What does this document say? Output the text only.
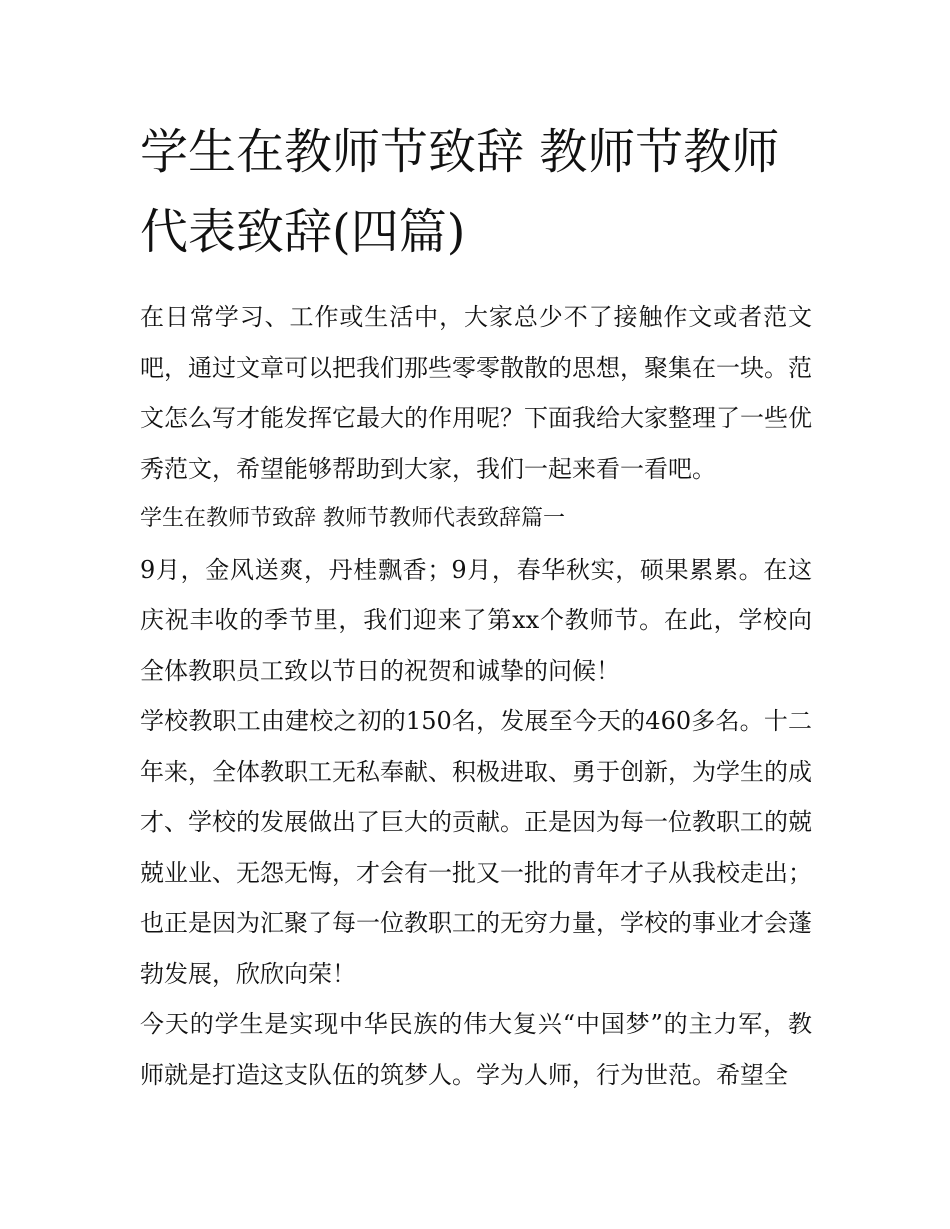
学生在教师节致辞 教师节教师
代表致辞(四篇)

在日常学习、工作或生活中，大家总少不了接触作文或者范文吧，通过文章可以把我们那些零零散散的思想，聚集在一块。范文怎么写才能发挥它最大的作用呢？下面我给大家整理了一些优秀范文，希望能够帮助到大家，我们一起来看一看吧。

学生在教师节致辞 教师节教师代表致辞篇一

9月，金风送爽，丹桂飘香；9月，春华秋实，硕果累累。在这庆祝丰收的季节里，我们迎来了第xx个教师节。在此，学校向全体教职员工致以节日的祝贺和诚挚的问候！

学校教职工由建校之初的150名，发展至今天的460多名。十二年来，全体教职工无私奉献、积极进取、勇于创新，为学生的成才、学校的发展做出了巨大的贡献。正是因为每一位教职工的兢兢业业、无怨无悔，才会有一批又一批的青年才子从我校走出；也正是因为汇聚了每一位教职工的无穷力量，学校的事业才会蓬勃发展，欣欣向荣！

今天的学生是实现中华民族的伟大复兴“中国梦”的主力军，教师就是打造这支队伍的筑梦人。学为人师，行为世范。希望全
